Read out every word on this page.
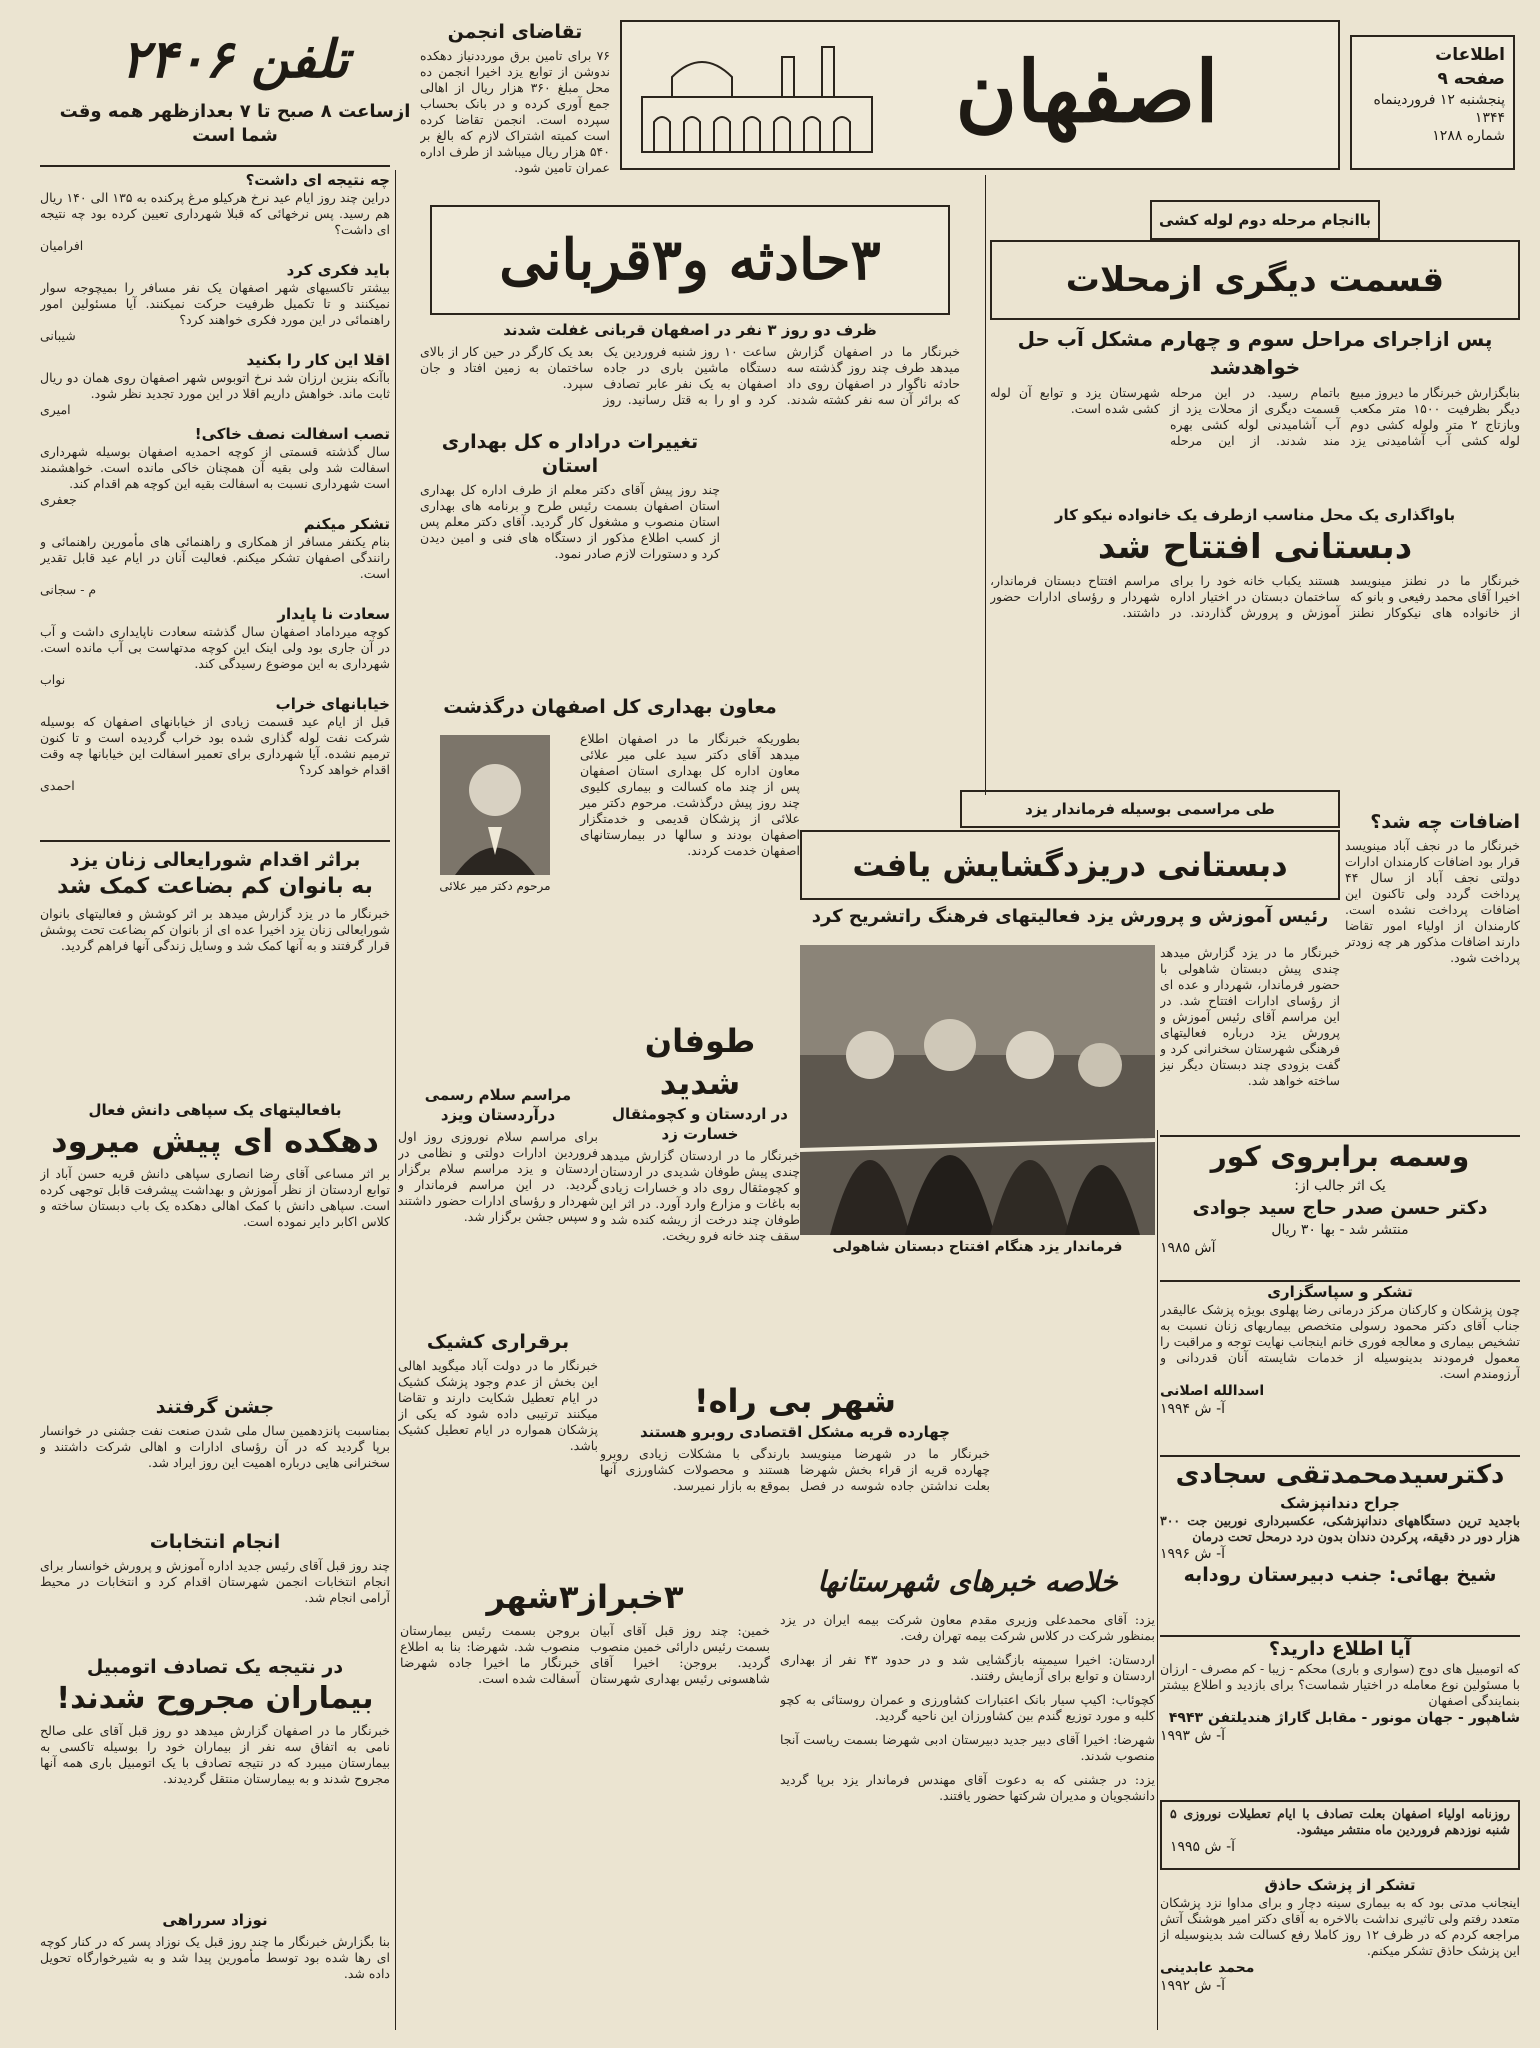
اصفهان	اطلاعات
صفحه ۹
پنجشنبه ۱۲ فروردینماه
۱۳۴۴
شماره ۱۲۸۸
تلفن ۲۴۰۶
ازساعت ۸ صبح تا ۷ بعدازظهر همه وقت شما است
تقاضای انجمن
۷۶ برای تامین برق مورددنیاز دهکده ندوشن از توابع یزد اخیرا انجمن ده محل مبلغ ۳۶۰ هزار ریال از اهالی جمع آوری کرده و در بانک بحساب سپرده است. انجمن تقاضا کرده است کمیته اشتراک لازم که بالغ بر ۵۴۰ هزار ریال میباشد از طرف اداره عمران تامین شود.
چه نتیجه ای داشت؟
دراین چند روز ایام عید نرخ هرکیلو مرغ پرکنده به ۱۳۵ الی ۱۴۰ ریال هم رسید. پس نرخهائی که قبلا شهرداری تعیین کرده بود چه نتیجه ای داشت؟
افرامیان
باید فکری کرد
بیشتر تاکسیهای شهر اصفهان یک نفر مسافر را بمیچوجه سوار نمیکنند و تا تکمیل ظرفیت حرکت نمیکنند. آیا مسئولین امور راهنمائی در این مورد فکری خواهند کرد؟
شیبانی
اقلا این کار را بکنید
باآنکه بنزین ارزان شد نرخ اتوبوس شهر اصفهان روی همان دو ریال ثابت ماند. خواهش داریم اقلا در این مورد تجدید نظر شود.
امیری
تصب اسفالت نصف خاکی!
سال گذشته قسمتی از کوچه احمدیه اصفهان بوسیله شهرداری اسفالت شد ولی بقیه آن همچنان خاکی مانده است. خواهشمند است شهرداری نسبت به اسفالت بقیه این کوچه هم اقدام کند.
جعفری
تشکر میکنم
بنام یکنفر مسافر از همکاری و راهنمائی های مأمورین راهنمائی و رانندگی اصفهان تشکر میکنم. فعالیت آنان در ایام عید قابل تقدیر است.
م - سجانی
سعادت نا پایدار
کوچه میرداماد اصفهان سال گذشته سعادت ناپایداری داشت و آب در آن جاری بود ولی اینک این کوچه مدتهاست بی آب مانده است. شهرداری به این موضوع رسیدگی کند.
نواب
خیابانهای خراب
قبل از ایام عید قسمت زیادی از خیابانهای اصفهان که بوسیله شرکت نفت لوله گذاری شده بود خراب گردیده است و تا کنون ترمیم نشده. آیا شهرداری برای تعمیر اسفالت این خیابانها چه وقت اقدام خواهد کرد؟
احمدی
براثر اقدام شورایعالی زنان یزد
به بانوان کم بضاعت کمک شد
خبرنگار ما در یزد گزارش میدهد بر اثر کوشش و فعالیتهای بانوان شورایعالی زنان یزد اخیرا عده ای از بانوان کم بضاعت تحت پوشش قرار گرفتند و به آنها کمک شد و وسایل زندگی آنها فراهم گردید.
بافعالیتهای یک سپاهی دانش فعال
دهکده ای پیش میرود
بر اثر مساعی آقای رضا انصاری سپاهی دانش قریه حسن آباد از توابع اردستان از نظر آموزش و بهداشت پیشرفت قابل توجهی کرده است. سپاهی دانش با کمک اهالی دهکده یک باب دبستان ساخته و کلاس اکابر دایر نموده است.
مراسم سلام رسمی درآردستان ویزد
برای مراسم سلام نوروزی روز اول فروردین ادارات دولتی و نظامی در اردستان و یزد مراسم سلام برگزار گردید. در این مراسم فرماندار و شهردار و رؤسای ادارات حضور داشتند و سپس جشن برگزار شد.
جشن گرفتند
بمناسبت پانزدهمین سال ملی شدن صنعت نفت جشنی در خوانسار برپا گردید که در آن رؤسای ادارات و اهالی شرکت داشتند و سخنرانی هایی درباره اهمیت این روز ایراد شد.
انجام انتخابات
چند روز قبل آقای رئیس جدید اداره آموزش و پرورش خوانسار برای انجام انتخابات انجمن شهرستان اقدام کرد و انتخابات در محیط آرامی انجام شد.
در نتیجه یک تصادف اتومبیل
بیماران مجروح شدند!
خبرنگار ما در اصفهان گزارش میدهد دو روز قبل آقای علی صالح نامی به اتفاق سه نفر از بیماران خود را بوسیله تاکسی به بیمارستان میبرد که در نتیجه تصادف با یک اتومبیل باری همه آنها مجروح شدند و به بیمارستان منتقل گردیدند.
نوزاد سرراهی
بنا بگزارش خبرنگار ما چند روز قبل یک نوزاد پسر که در کنار کوچه ای رها شده بود توسط مأمورین پیدا شد و به شیرخوارگاه تحویل داده شد.
۳حادثه و۳قربانی
ظرف دو روز ۳ نفر در اصفهان قربانی غفلت شدند
خبرنگار ما در اصفهان گزارش میدهد طرف چند روز گذشته سه حادثه ناگوار در اصفهان روی داد که برائر آن سه نفر کشته شدند. ساعت ۱۰ روز شنبه فروردین یک دستگاه ماشین باری در جاده اصفهان به یک نفر عابر تصادف کرد و او را به قتل رسانید. روز بعد یک کارگر در حین کار از بالای ساختمان به زمین افتاد و جان سپرد.
تغییرات درادار ه کل بهداری استان
چند روز پیش آقای دکتر معلم از طرف اداره کل بهداری استان اصفهان بسمت رئیس طرح و برنامه های بهداری استان منصوب و مشغول کار گردید. آقای دکتر معلم پس از کسب اطلاع مذکور از دستگاه های فنی و امین دیدن کرد و دستورات لازم صادر نمود.
معاون بهداری کل اصفهان درگذشت
مرحوم دکتر میر علائی
بطوریکه خبرنگار ما در اصفهان اطلاع میدهد آقای دکتر سید علی میر علائی معاون اداره کل بهداری استان اصفهان پس از چند ماه کسالت و بیماری کلیوی چند روز پیش درگذشت. مرحوم دکتر میر علائی از پزشکان قدیمی و خدمتگزار اصفهان بودند و سالها در بیمارستانهای اصفهان خدمت کردند.
طوفان شدید
در اردستان و کچومثقال خسارت زد
خبرنگار ما در اردستان گزارش میدهد چندی پیش طوفان شدیدی در اردستان و کچومثقال روی داد و خسارات زیادی به باغات و مزارع وارد آورد. در اثر این طوفان چند درخت از ریشه کنده شد و سقف چند خانه فرو ریخت.
برقراری کشیک
خبرنگار ما در دولت آباد میگوید اهالی این بخش از عدم وجود پزشک کشیک در ایام تعطیل شکایت دارند و تقاضا میکنند ترتیبی داده شود که یکی از پزشکان همواره در ایام تعطیل کشیک باشد.
شهر بی راه!
چهارده قریه مشکل اقتصادی روبرو هستند
خبرنگار ما در شهرضا مینویسد چهارده قریه از قراء بخش شهرضا بعلت نداشتن جاده شوسه در فصل بارندگی با مشکلات زیادی روبرو هستند و محصولات کشاورزی آنها بموقع به بازار نمیرسد.
۳خبراز۳شهر
خمین: چند روز قبل آقای آبیان بسمت رئیس دارائی خمین منصوب گردید. بروجن: اخیرا آقای شاهسونی رئیس بهداری شهرستان بروجن بسمت رئیس بیمارستان منصوب شد. شهرضا: بنا به اطلاع خبرنگار ما اخیرا جاده شهرضا آسفالت شده است.
باانجام مرحله دوم لوله کشی
قسمت دیگری ازمحلات
پس ازاجرای مراحل سوم و چهارم مشکل آب حل خواهدشد
بنابگزارش خبرنگار ما دیروز مبیع دیگر بظرفیت ۱۵۰۰ متر مکعب وبازتاج ۲ متر ولوله کشی دوم لوله کشی آب آشامیدنی یزد باتمام رسید. در این مرحله قسمت دیگری از محلات یزد از آب آشامیدنی لوله کشی بهره مند شدند. از این مرحله شهرستان یزد و توابع آن لوله کشی شده است.
باواگذاری یک محل مناسب ازطرف یک خانواده نیکو کار
دبستانی افتتاح شد
خبرنگار ما در نطنز مینویسد اخیرا آقای محمد رفیعی و بانو که از خانواده های نیکوکار نطنز هستند یکباب خانه خود را برای ساختمان دبستان در اختیار اداره آموزش و پرورش گذاردند. در مراسم افتتاح دبستان فرماندار، شهردار و رؤسای ادارات حضور داشتند.
طی مراسمی بوسیله فرماندار یزد
دبستانی دریزدگشایش یافت
رئیس آموزش و پرورش یزد فعالیتهای فرهنگ راتشریح کرد
فرماندار یزد هنگام افتتاح دبستان شاهولی
خبرنگار ما در یزد گزارش میدهد چندی پیش دبستان شاهولی با حضور فرماندار، شهردار و عده ای از رؤسای ادارات افتتاح شد. در این مراسم آقای رئیس آموزش و پرورش یزد درباره فعالیتهای فرهنگی شهرستان سخنرانی کرد و گفت بزودی چند دبستان دیگر نیز ساخته خواهد شد.
اضافات چه شد؟
خبرنگار ما در نجف آباد مینویسد قرار بود اضافات کارمندان ادارات دولتی نجف آباد از سال ۴۴ پرداخت گردد ولی تاکنون این اضافات پرداخت نشده است. کارمندان از اولیاء امور تقاضا دارند اضافات مذکور هر چه زودتر پرداخت شود.
وسمه برابروی کور
یک اثر جالب از:
دکتر حسن صدر حاج سید جوادی
منتشر شد - بها ۳۰ ریال
آش ۱۹۸۵
تشکر و سپاسگزاری
چون پزشکان و کارکنان مرکز درمانی رضا پهلوی بویژه پزشک عالیقدر جناب آقای دکتر محمود رسولی متخصص بیماریهای زنان نسبت به تشخیص بیماری و معالجه فوری خانم اینجانب نهایت توجه و مراقبت را معمول فرمودند بدینوسیله از خدمات شایسته آنان قدردانی و آرزومندم است.
اسدالله اصلانی
آ- ش ۱۹۹۴
دکترسیدمحمدتقی سجادی
جراح دندانپزشک
باجدید ترین دستگاههای دندانپزشکی، عکسبرداری نوربین جت ۳۰۰ هزار دور در دقیقه، پرکردن دندان بدون درد درمحل تحت درمان
آ- ش ۱۹۹۶
شیخ بهائی: جنب دبیرستان رودابه
آیا اطلاع دارید؟
که اتومبیل های دوج (سواری و باری) محکم - زیبا - کم مصرف - ارزان با مسئولین نوع معامله در اختیار شماست؟ برای بازدید و اطلاع بیشتر بنمایندگی اصفهان
شاهپور - جهان مونور - مقابل گاراژ هندیلتفن ۴۹۴۳
آ- ش ۱۹۹۳
روزنامه اولیاء اصفهان بعلت تصادف با ایام تعطیلات نوروزی ۵ شنبه نوزدهم فروردین ماه منتشر میشود.
آ- ش ۱۹۹۵
تشکر از پزشک حاذق
اینجانب مدتی بود که به بیماری سینه دچار و برای مداوا نزد پزشکان متعدد رفتم ولی تاثیری نداشت بالاخره به آقای دکتر امیر هوشنگ آتش مراجعه کردم که در ظرف ۱۲ روز کاملا رفع کسالت شد بدینوسیله از این پزشک حاذق تشکر میکنم.
محمد عابدینی
آ- ش ۱۹۹۲
خلاصه خبرهای شهرستانها
یزد: آقای محمدعلی وزیری مقدم معاون شرکت بیمه ایران در یزد بمنظور شرکت در کلاس شرکت بیمه تهران رفت.
اردستان: اخیرا سیمینه بازگشایی شد و در حدود ۴۳ نفر از بهداری اردستان و توابع برای آزمایش رفتند.
کچوئاب: اکیپ سیار بانک اعتبارات کشاورزی و عمران روستائی به کچو کلبه و مورد توزیع گندم بین کشاورزان این ناحیه گردید.
شهرضا: اخیرا آقای دبیر جدید دبیرستان ادبی شهرضا بسمت ریاست آنجا منصوب شدند.
یزد: در جشنی که به دعوت آقای مهندس فرماندار یزد برپا گردید دانشجویان و مدیران شرکتها حضور یافتند.
